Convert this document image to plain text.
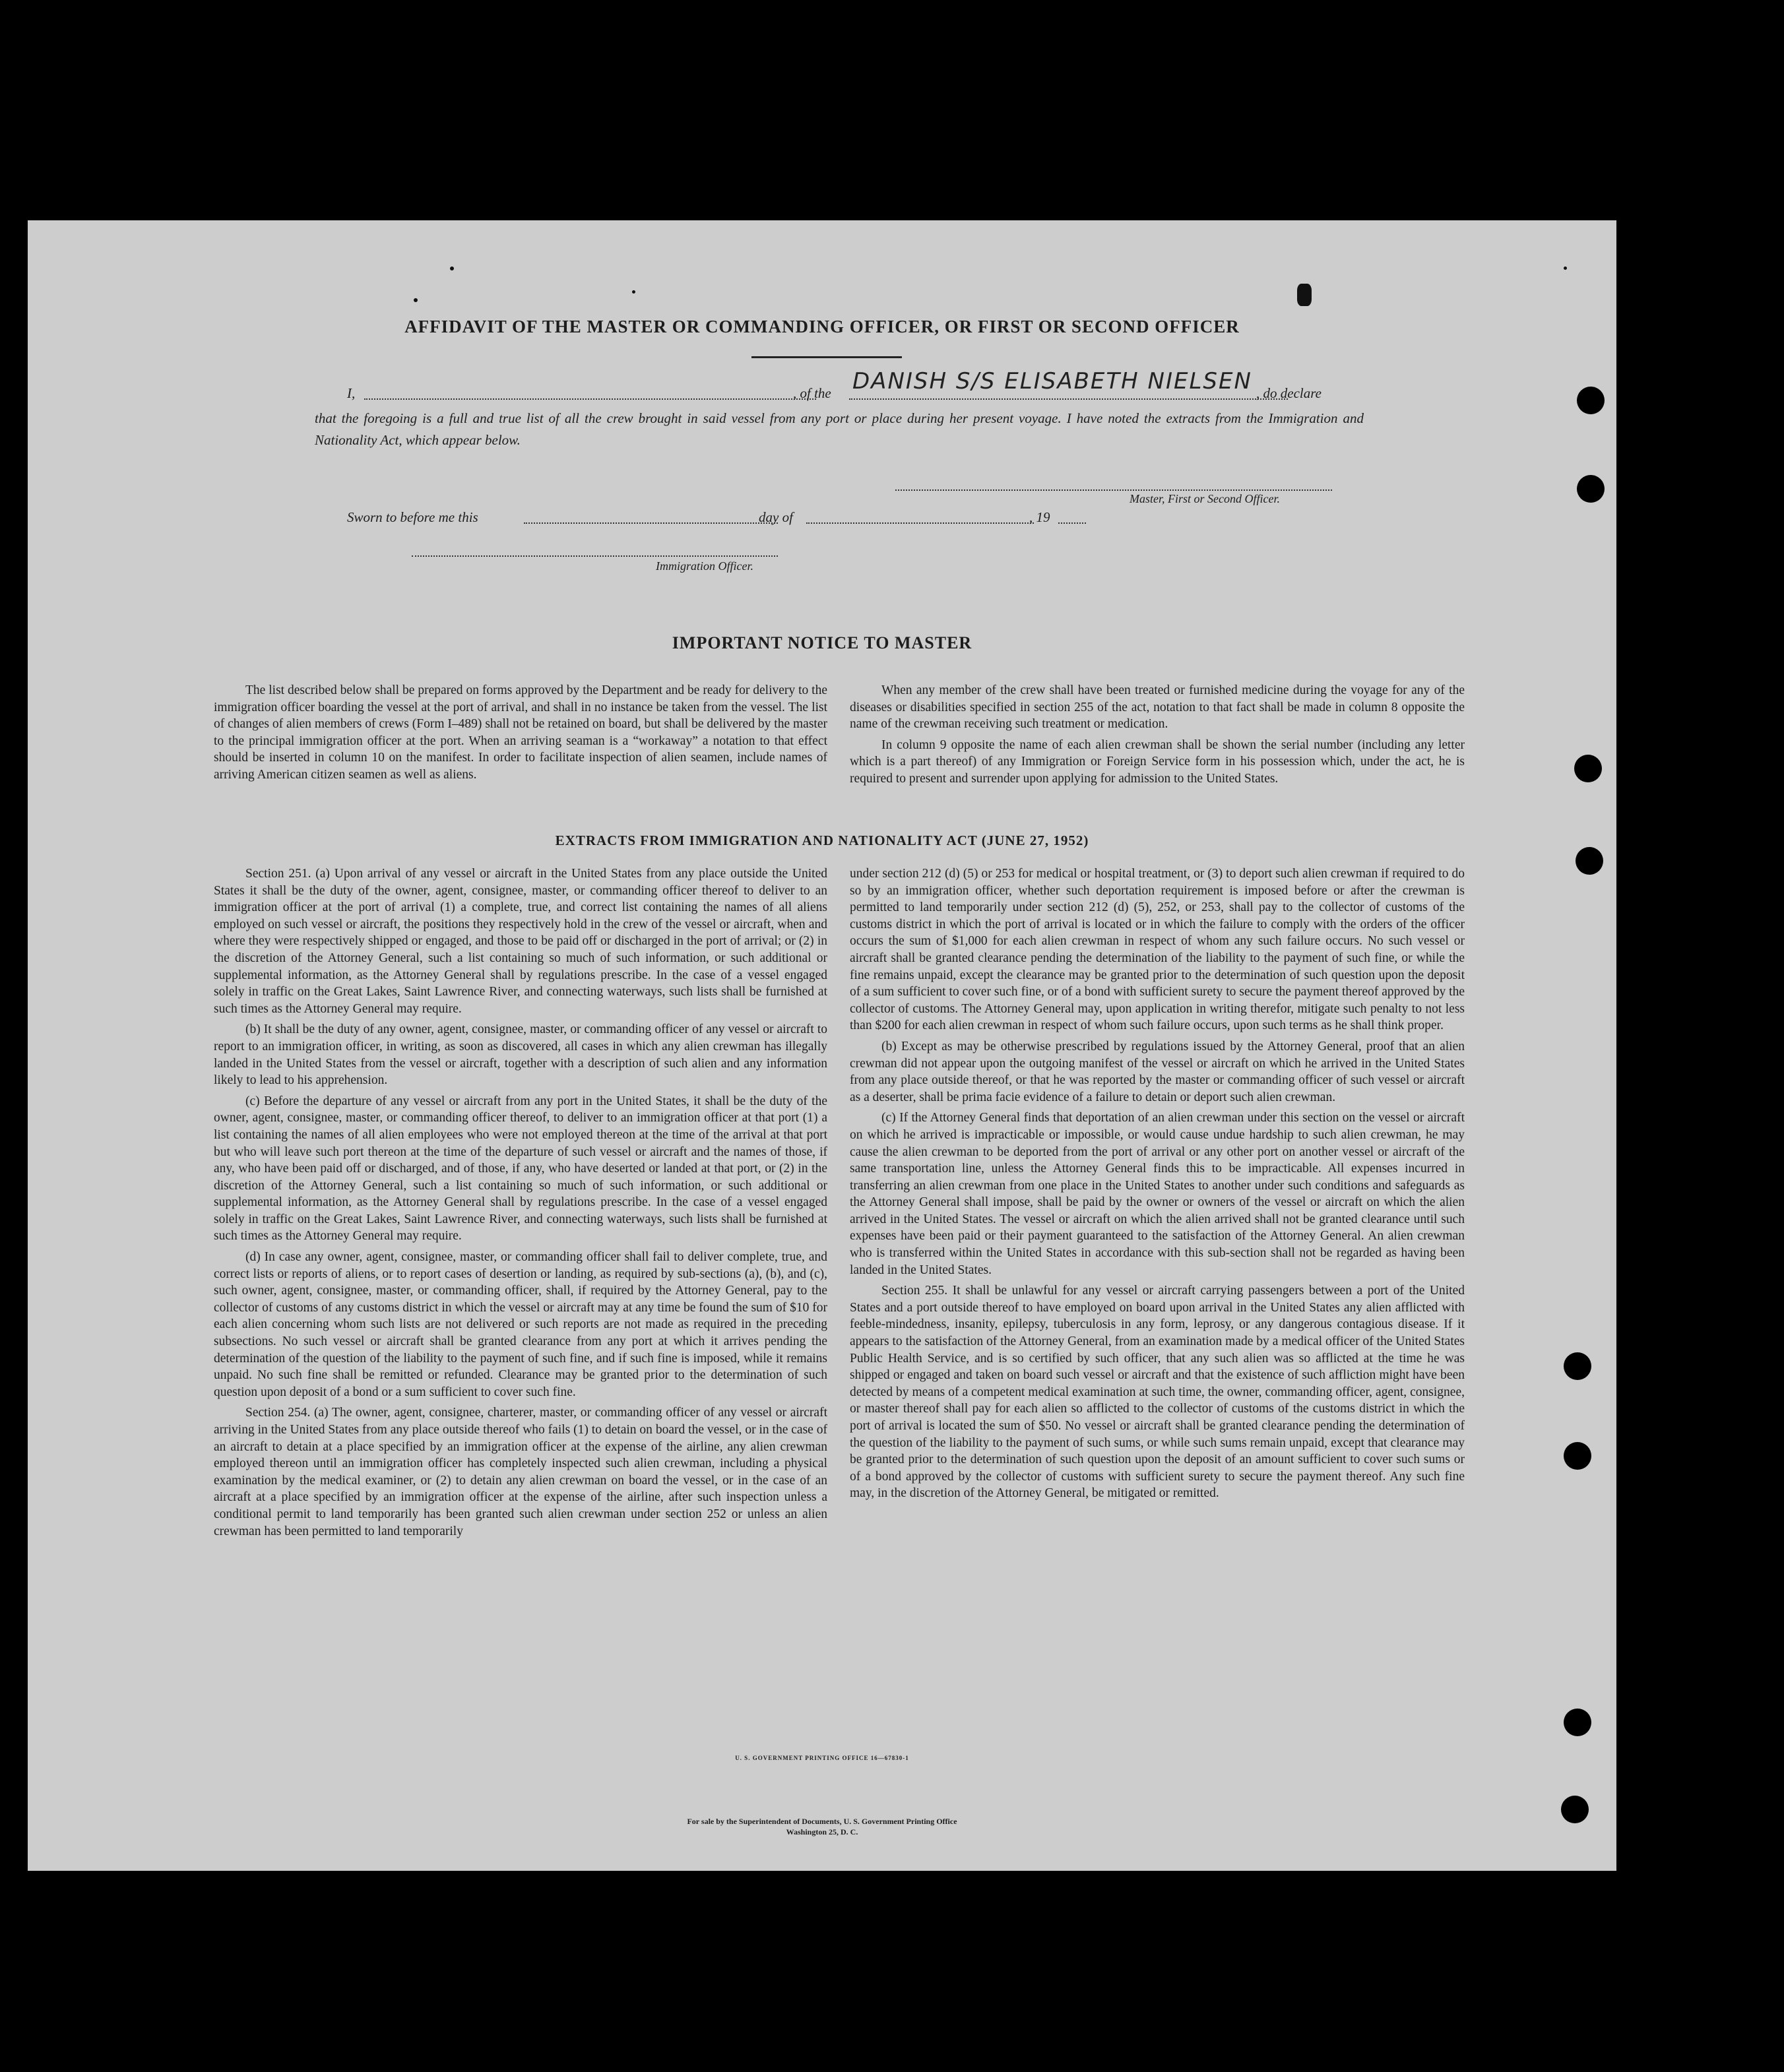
AFFIDAVIT OF THE MASTER OR COMMANDING OFFICER, OR FIRST OR SECOND OFFICER
I,	, of the DANISH S/S ELISABETH NIELSEN , do declare
that the foregoing is a full and true list of all the crew brought in said vessel from any port or place during her present voyage. I have noted the extracts from the Immigration and Nationality Act, which appear below.
Master, First or Second Officer.
Sworn to before me this	day of	, 19
Immigration Officer.
IMPORTANT NOTICE TO MASTER

The list described below shall be prepared on forms approved by the Department and be ready for delivery to the immigration officer boarding the vessel at the port of arrival, and shall in no instance be taken from the vessel. The list of changes of alien members of crews (Form I–489) shall not be retained on board, but shall be delivered by the master to the principal immigration officer at the port. When an arriving seaman is a “workaway” a notation to that effect should be inserted in column 10 on the manifest. In order to facilitate inspection of alien seamen, include names of arriving American citizen seamen as well as aliens.

When any member of the crew shall have been treated or furnished medicine during the voyage for any of the diseases or disabilities specified in section 255 of the act, notation to that fact shall be made in column 8 opposite the name of the crewman receiving such treatment or medication.

In column 9 opposite the name of each alien crewman shall be shown the serial number (including any letter which is a part thereof) of any Immigration or Foreign Service form in his possession which, under the act, he is required to present and surrender upon applying for admission to the United States.

EXTRACTS FROM IMMIGRATION AND NATIONALITY ACT (JUNE 27, 1952)

Section 251. (a) Upon arrival of any vessel or aircraft in the United States from any place outside the United States it shall be the duty of the owner, agent, consignee, master, or commanding officer thereof to deliver to an immigration officer at the port of arrival (1) a complete, true, and correct list containing the names of all aliens employed on such vessel or aircraft, the positions they respectively hold in the crew of the vessel or aircraft, when and where they were respectively shipped or engaged, and those to be paid off or discharged in the port of arrival; or (2) in the discretion of the Attorney General, such a list containing so much of such information, or such additional or supplemental information, as the Attorney General shall by regulations prescribe. In the case of a vessel engaged solely in traffic on the Great Lakes, Saint Lawrence River, and connecting waterways, such lists shall be furnished at such times as the Attorney General may require.

(b) It shall be the duty of any owner, agent, consignee, master, or commanding officer of any vessel or aircraft to report to an immigration officer, in writing, as soon as discovered, all cases in which any alien crewman has illegally landed in the United States from the vessel or aircraft, together with a description of such alien and any information likely to lead to his apprehension.

(c) Before the departure of any vessel or aircraft from any port in the United States, it shall be the duty of the owner, agent, consignee, master, or commanding officer thereof, to deliver to an immigration officer at that port (1) a list containing the names of all alien employees who were not employed thereon at the time of the arrival at that port but who will leave such port thereon at the time of the departure of such vessel or aircraft and the names of those, if any, who have been paid off or discharged, and of those, if any, who have deserted or landed at that port, or (2) in the discretion of the Attorney General, such a list containing so much of such information, or such additional or supplemental information, as the Attorney General shall by regulations prescribe. In the case of a vessel engaged solely in traffic on the Great Lakes, Saint Lawrence River, and connecting waterways, such lists shall be furnished at such times as the Attorney General may require.

(d) In case any owner, agent, consignee, master, or commanding officer shall fail to deliver complete, true, and correct lists or reports of aliens, or to report cases of desertion or landing, as required by sub-sections (a), (b), and (c), such owner, agent, consignee, master, or commanding officer, shall, if required by the Attorney General, pay to the collector of customs of any customs district in which the vessel or aircraft may at any time be found the sum of $10 for each alien concerning whom such lists are not delivered or such reports are not made as required in the preceding subsections. No such vessel or aircraft shall be granted clearance from any port at which it arrives pending the determination of the question of the liability to the payment of such fine, and if such fine is imposed, while it remains unpaid. No such fine shall be remitted or refunded. Clearance may be granted prior to the determination of such question upon deposit of a bond or a sum sufficient to cover such fine.

Section 254. (a) The owner, agent, consignee, charterer, master, or commanding officer of any vessel or aircraft arriving in the United States from any place outside thereof who fails (1) to detain on board the vessel, or in the case of an aircraft to detain at a place specified by an immigration officer at the expense of the airline, any alien crewman employed thereon until an immigration officer has completely inspected such alien crewman, including a physical examination by the medical examiner, or (2) to detain any alien crewman on board the vessel, or in the case of an aircraft at a place specified by an immigration officer at the expense of the airline, after such inspection unless a conditional permit to land temporarily has been granted such alien crewman under section 252 or unless an alien crewman has been permitted to land temporarily

under section 212 (d) (5) or 253 for medical or hospital treatment, or (3) to deport such alien crewman if required to do so by an immigration officer, whether such deportation requirement is imposed before or after the crewman is permitted to land temporarily under section 212 (d) (5), 252, or 253, shall pay to the collector of customs of the customs district in which the port of arrival is located or in which the failure to comply with the orders of the officer occurs the sum of $1,000 for each alien crewman in respect of whom any such failure occurs. No such vessel or aircraft shall be granted clearance pending the determination of the liability to the payment of such fine, or while the fine remains unpaid, except the clearance may be granted prior to the determination of such question upon the deposit of a sum sufficient to cover such fine, or of a bond with sufficient surety to secure the payment thereof approved by the collector of customs. The Attorney General may, upon application in writing therefor, mitigate such penalty to not less than $200 for each alien crewman in respect of whom such failure occurs, upon such terms as he shall think proper.

(b) Except as may be otherwise prescribed by regulations issued by the Attorney General, proof that an alien crewman did not appear upon the outgoing manifest of the vessel or aircraft on which he arrived in the United States from any place outside thereof, or that he was reported by the master or commanding officer of such vessel or aircraft as a deserter, shall be prima facie evidence of a failure to detain or deport such alien crewman.

(c) If the Attorney General finds that deportation of an alien crewman under this section on the vessel or aircraft on which he arrived is impracticable or impossible, or would cause undue hardship to such alien crewman, he may cause the alien crewman to be deported from the port of arrival or any other port on another vessel or aircraft of the same transportation line, unless the Attorney General finds this to be impracticable. All expenses incurred in transferring an alien crewman from one place in the United States to another under such conditions and safeguards as the Attorney General shall impose, shall be paid by the owner or owners of the vessel or aircraft on which the alien arrived in the United States. The vessel or aircraft on which the alien arrived shall not be granted clearance until such expenses have been paid or their payment guaranteed to the satisfaction of the Attorney General. An alien crewman who is transferred within the United States in accordance with this sub-section shall not be regarded as having been landed in the United States.

Section 255. It shall be unlawful for any vessel or aircraft carrying passengers between a port of the United States and a port outside thereof to have employed on board upon arrival in the United States any alien afflicted with feeble-mindedness, insanity, epilepsy, tuberculosis in any form, leprosy, or any dangerous contagious disease. If it appears to the satisfaction of the Attorney General, from an examination made by a medical officer of the United States Public Health Service, and is so certified by such officer, that any such alien was so afflicted at the time he was shipped or engaged and taken on board such vessel or aircraft and that the existence of such affliction might have been detected by means of a competent medical examination at such time, the owner, commanding officer, agent, consignee, or master thereof shall pay for each alien so afflicted to the collector of customs of the customs district in which the port of arrival is located the sum of $50. No vessel or aircraft shall be granted clearance pending the determination of the question of the liability to the payment of such sums, or while such sums remain unpaid, except that clearance may be granted prior to the determination of such question upon the deposit of an amount sufficient to cover such sums or of a bond approved by the collector of customs with sufficient surety to secure the payment thereof. Any such fine may, in the discretion of the Attorney General, be mitigated or remitted.

U. S. GOVERNMENT PRINTING OFFICE 16—67830-1
For sale by the Superintendent of Documents, U. S. Government Printing Office
Washington 25, D. C.
